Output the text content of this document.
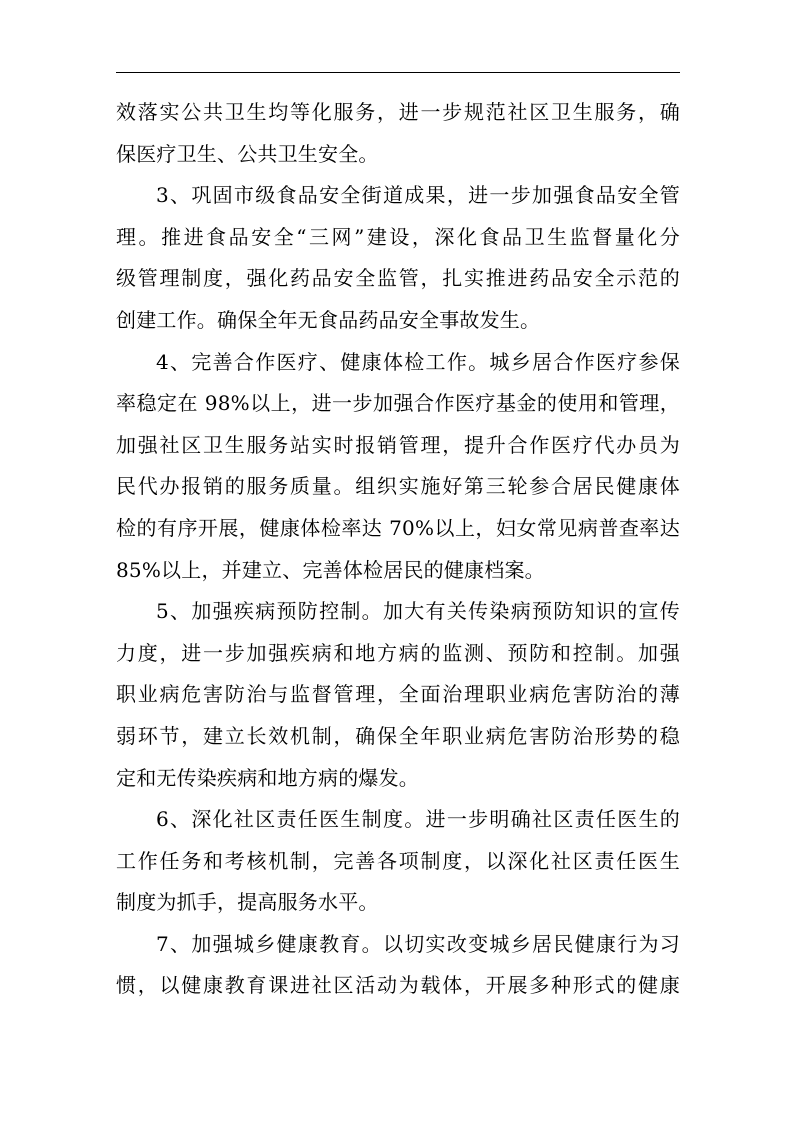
效落实公共卫生均等化服务，进一步规范社区卫生服务，确
保医疗卫生、公共卫生安全。
3、巩固市级食品安全街道成果，进一步加强食品安全管
理。推进食品安全“三网”建设，深化食品卫生监督量化分
级管理制度，强化药品安全监管，扎实推进药品安全示范的
创建工作。确保全年无食品药品安全事故发生。
4、完善合作医疗、健康体检工作。城乡居合作医疗参保
率稳定在 98%以上，进一步加强合作医疗基金的使用和管理，
加强社区卫生服务站实时报销管理，提升合作医疗代办员为
民代办报销的服务质量。组织实施好第三轮参合居民健康体
检的有序开展，健康体检率达 70%以上，妇女常见病普查率达
85%以上，并建立、完善体检居民的健康档案。
5、加强疾病预防控制。加大有关传染病预防知识的宣传
力度，进一步加强疾病和地方病的监测、预防和控制。加强
职业病危害防治与监督管理，全面治理职业病危害防治的薄
弱环节，建立长效机制，确保全年职业病危害防治形势的稳
定和无传染疾病和地方病的爆发。
6、深化社区责任医生制度。进一步明确社区责任医生的
工作任务和考核机制，完善各项制度，以深化社区责任医生
制度为抓手，提高服务水平。
7、加强城乡健康教育。以切实改变城乡居民健康行为习
惯，以健康教育课进社区活动为载体，开展多种形式的健康
